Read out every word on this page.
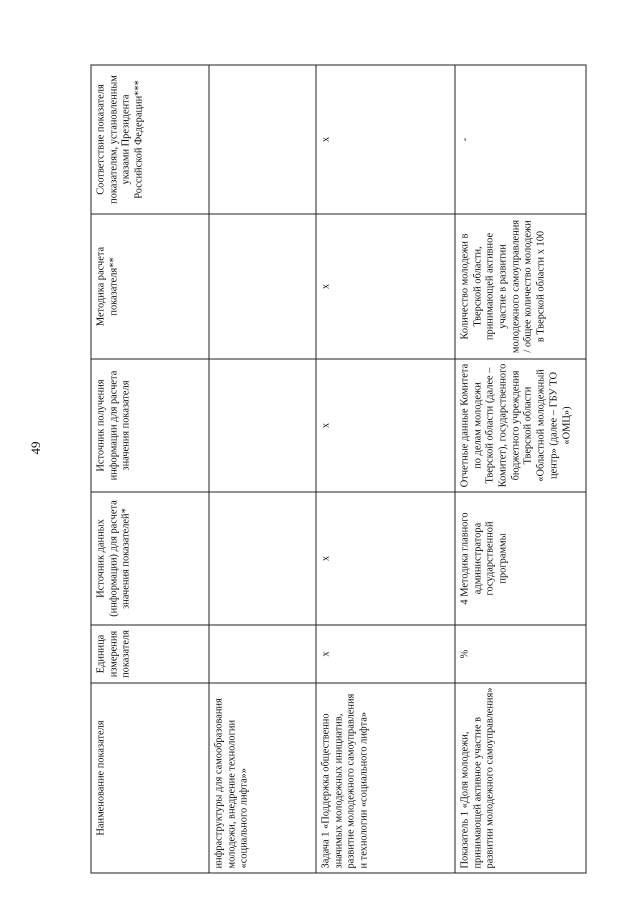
49
Наименование показателя	Единица измерения показателя	Источник данных (информации) для расчета значения показателей*	Источник получения информации для расчета значения показателя	Методика расчета показателя**	Соответствие показателя показателям, установленным указами Президента Российской Федерации***
инфраструктуры для самообразования молодежи, внедрение технологии «социального лифта»»					
Задача 1 «Поддержка общественно значимых молодежных инициатив, развитие молодежного самоуправления и технологии «социального лифта»	x	x	x	x	x
Показатель 1 «Доля молодежи, принимающей активное участие в развитии молодежного самоуправления»	%	4 Методика главного администратора государственной программы	Отчетные данные Комитета по делам молодежи Тверской области (далее – Комитет), государственного бюджетного учреждения Тверской области «Областной молодежный центр» (далее – ГБУ ТО «ОМЦ»)	Количество молодежи в Тверской области, принимающей активное участие в развитии молодежного самоуправления / общее количество молодежи в Тверской области x 100	-
